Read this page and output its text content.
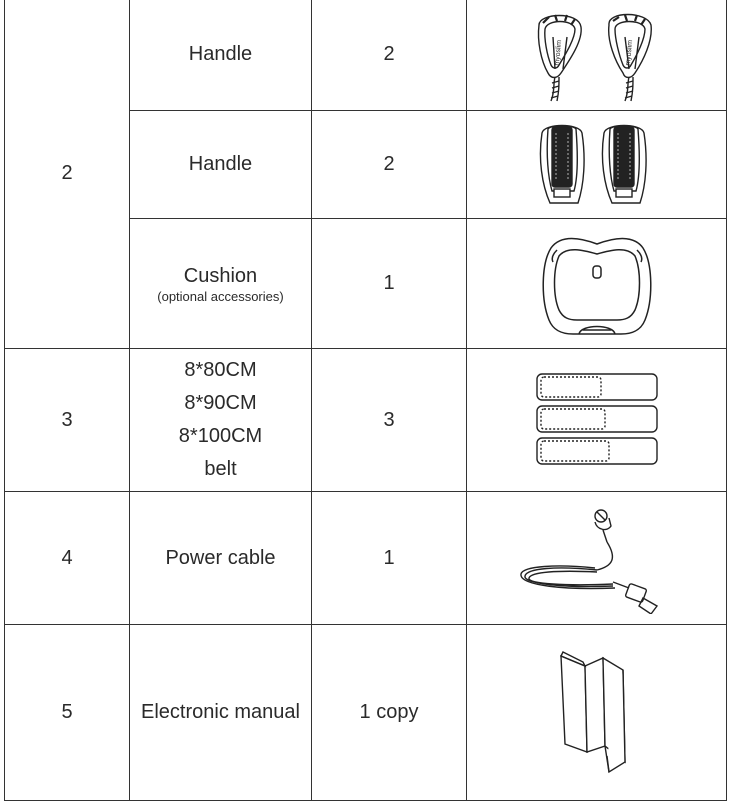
2	Handle	2	myoslim myoslim

	Handle	2	

	Cushion
(optional accessories)	1	

3	8*80CM
8*90CM
8*100CM
belt	3	

4	Power cable	1	

5	Electronic manual	1 copy	
